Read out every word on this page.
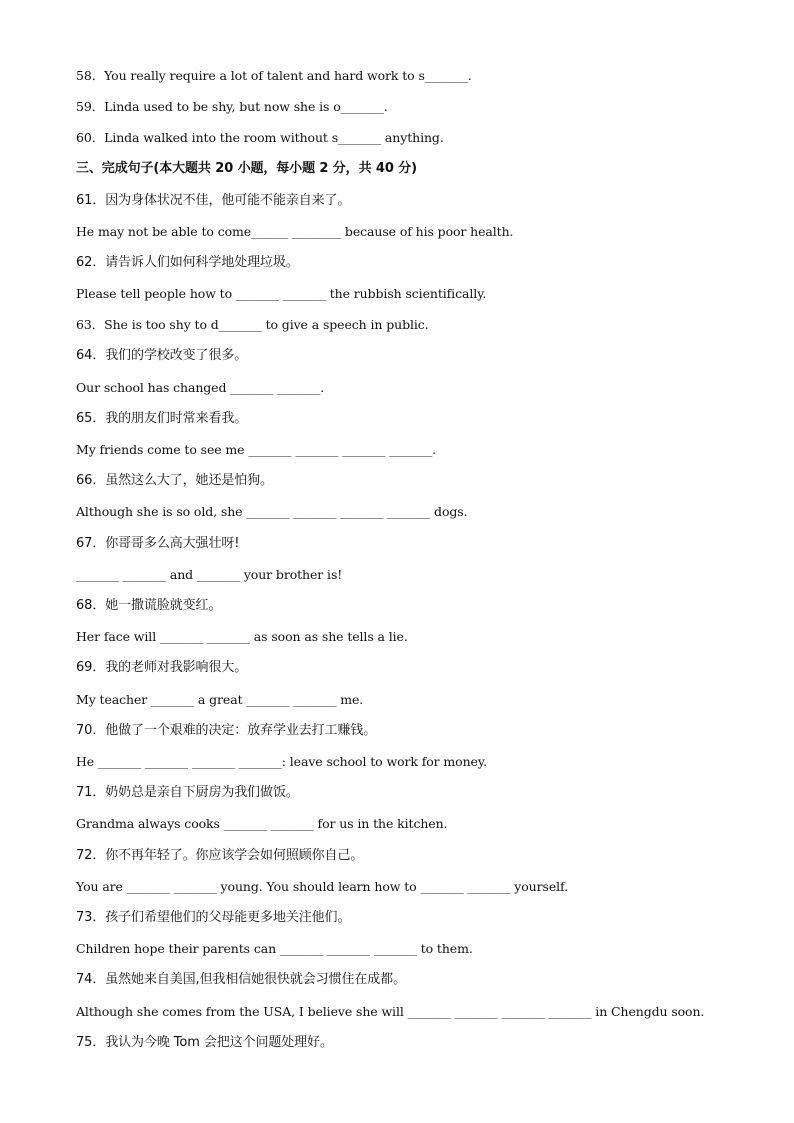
58．You really require a lot of talent and hard work to s_______.
59．Linda used to be shy, but now she is o_______.
60．Linda walked into the room without s_______ anything.
三、完成句子(本大题共 20 小题，每小题 2 分，共 40 分)
61．因为身体状况不佳，他可能不能亲自来了。
He may not be able to come______ ________ because of his poor health.
62．请告诉人们如何科学地处理垃圾。
Please tell people how to _______ _______ the rubbish scientifically.
63．She is too shy to d_______ to give a speech in public.
64．我们的学校改变了很多。
Our school has changed _______ _______.
65．我的朋友们时常来看我。
My friends come to see me _______ _______ _______ _______.
66．虽然这么大了，她还是怕狗。
Although she is so old, she _______ _______ _______ _______ dogs.
67．你哥哥多么高大强壮呀!
_______ _______ and _______ your brother is!
68．她一撒谎脸就变红。
Her face will _______ _______ as soon as she tells a lie.
69．我的老师对我影响很大。
My teacher _______ a great _______ _______ me.
70．他做了一个艰难的决定：放弃学业去打工赚钱。
He _______ _______ _______ _______: leave school to work for money.
71．奶奶总是亲自下厨房为我们做饭。
Grandma always cooks _______ _______ for us in the kitchen.
72．你不再年轻了。你应该学会如何照顾你自己。
You are _______ _______ young. You should learn how to _______ _______ yourself.
73．孩子们希望他们的父母能更多地关注他们。
Children hope their parents can _______ _______ _______ to them.
74．虽然她来自美国,但我相信她很快就会习惯住在成都。
Although she comes from the USA, I believe she will _______ _______ _______ _______ in Chengdu soon.
75．我认为今晚 Tom 会把这个问题处理好。
